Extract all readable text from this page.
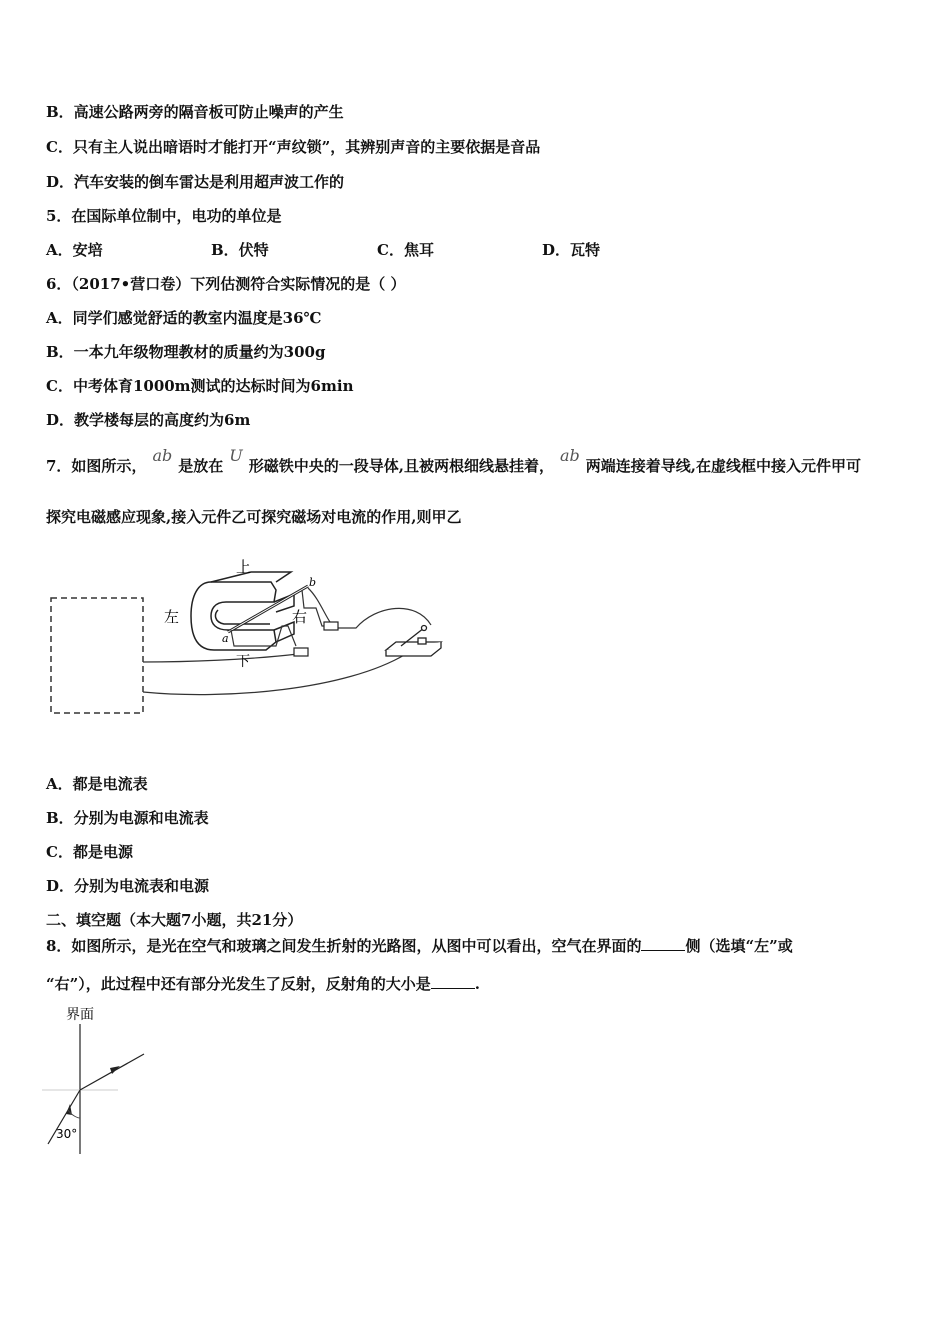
B．高速公路两旁的隔音板可防止噪声的产生
C．只有主人说出暗语时才能打开“声纹锁”，其辨别声音的主要依据是音品
D．汽车安装的倒车雷达是利用超声波工作的
5．在国际单位制中，电功的单位是
A．安培	B．伏特	C．焦耳	D．瓦特
6．（2017•营口卷）下列估测符合实际情况的是（ ）
A．同学们感觉舒适的教室内温度是36℃
B．一本九年级物理教材的质量约为300g
C．中考体育1000m测试的达标时间为6min
D．教学楼每层的高度约为6m
7．如图所示，ab是放在U形磁铁中央的一段导体,且被两根细线悬挂着，ab两端连接着导线,在虚线框中接入元件甲可
探究电磁感应现象,接入元件乙可探究磁场对电流的作用,则甲乙
上
下
左	右
a
b
A．都是电流表
B．分别为电源和电流表
C．都是电源
D．分别为电流表和电源
二、填空题（本大题7小题，共21分）
8．如图所示，是光在空气和玻璃之间发生折射的光路图，从图中可以看出，空气在界面的	侧（选填“左”或
“右”），此过程中还有部分光发生了反射，反射角的大小是	.
界面
30°
